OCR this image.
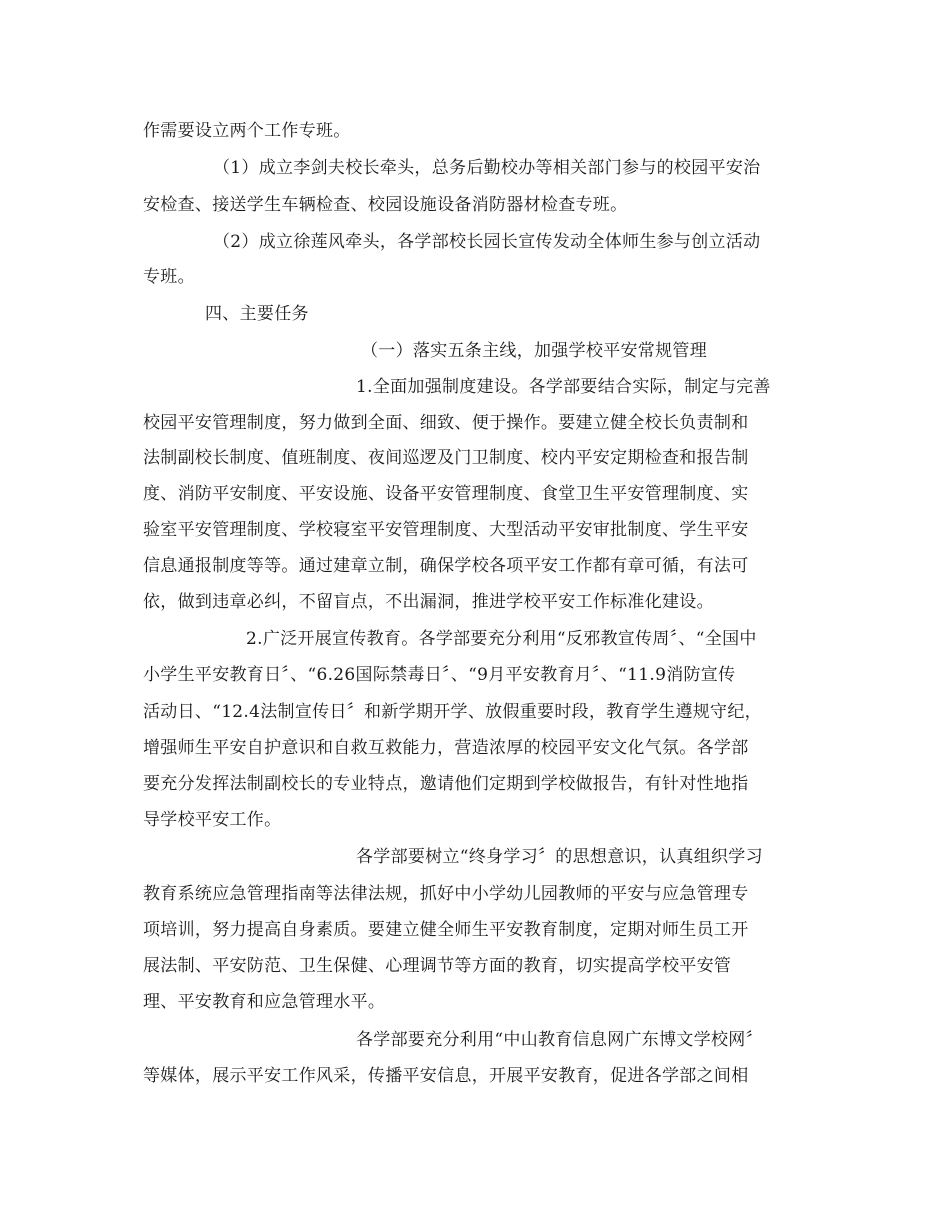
作需要设立两个工作专班。
（1）成立李剑夫校长牵头，总务后勤校办等相关部门参与的校园平安治
安检查、接送学生车辆检查、校园设施设备消防器材检查专班。
（2）成立徐莲风牵头，各学部校长园长宣传发动全体师生参与创立活动
专班。
四、主要任务
（一）落实五条主线，加强学校平安常规管理
1.全面加强制度建设。各学部要结合实际，制定与完善
校园平安管理制度，努力做到全面、细致、便于操作。要建立健全校长负责制和
法制副校长制度、值班制度、夜间巡逻及门卫制度、校内平安定期检查和报告制
度、消防平安制度、平安设施、设备平安管理制度、食堂卫生平安管理制度、实
验室平安管理制度、学校寝室平安管理制度、大型活动平安审批制度、学生平安
信息通报制度等等。通过建章立制，确保学校各项平安工作都有章可循，有法可
依，做到违章必纠，不留盲点，不出漏洞，推进学校平安工作标准化建设。
2.广泛开展宣传教育。各学部要充分利用“反邪教宣传周〞、“全国中
小学生平安教育日〞、“6.26国际禁毒日〞、“9月平安教育月〞、“11.9消防宣传
活动日、“12.4法制宣传日〞和新学期开学、放假重要时段，教育学生遵规守纪，
增强师生平安自护意识和自救互救能力，营造浓厚的校园平安文化气氛。各学部
要充分发挥法制副校长的专业特点，邀请他们定期到学校做报告，有针对性地指
导学校平安工作。
各学部要树立“终身学习〞的思想意识，认真组织学习
教育系统应急管理指南等法律法规，抓好中小学幼儿园教师的平安与应急管理专
项培训，努力提高自身素质。要建立健全师生平安教育制度，定期对师生员工开
展法制、平安防范、卫生保健、心理调节等方面的教育，切实提高学校平安管
理、平安教育和应急管理水平。
各学部要充分利用“中山教育信息网广东博文学校网〞
等媒体，展示平安工作风采，传播平安信息，开展平安教育，促进各学部之间相
